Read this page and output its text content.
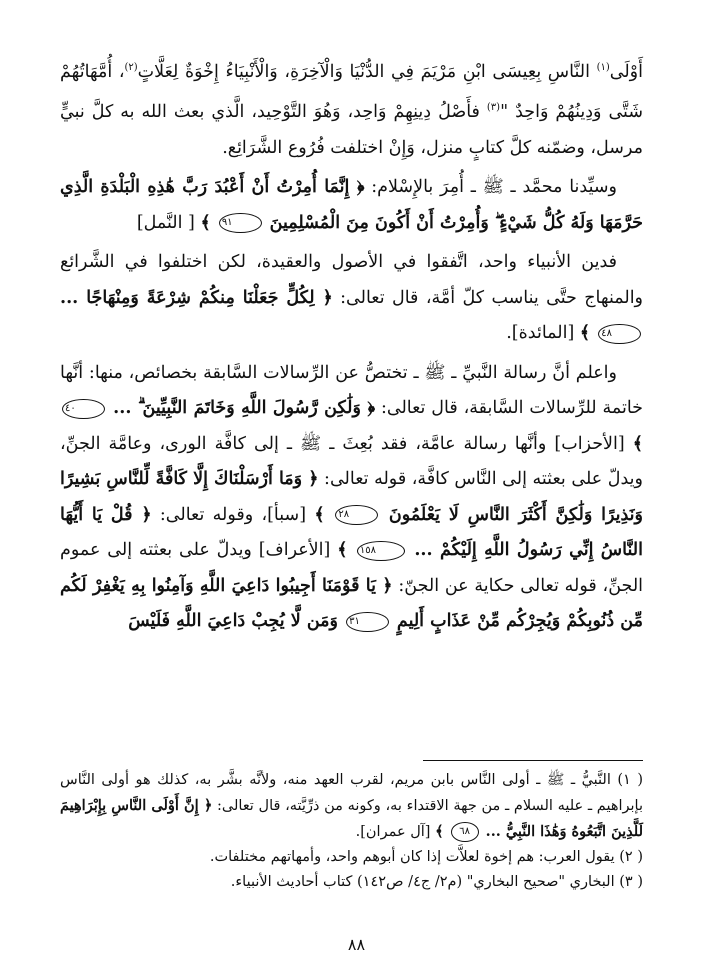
أَوْلَى$^{(١)}$ النَّاسِ بِعِيسَى ابْنِ مَرْيَمَ فِي الدُّنْيَا وَالْآخِرَةِ، وَالْأَنْبِيَاءُ إِخْوَةٌ لِعَلَّاتٍ$^{(٢)}$، أُمَّهَاتُهُمْ شَتَّى وَدِينُهُمْ وَاحِدٌ "$^{(٣)}$ فأَصْلُ دِينِهِمْ وَاحِد، وَهُوَ التَّوْحِيد، الَّذي بعث الله به كلَّ نبيٍّ مرسل، وضمّنه كلَّ كتابٍ منزل، وَإِنْ اختلفت فُرُوع الشَّرَائِع.

وسيِّدنا محمَّد ـ ﷺ ـ أُمِرَ بالإِسْلام: ﴿ إِنَّمَا أُمِرْتُ أَنْ أَعْبُدَ رَبَّ هَٰذِهِ الْبَلْدَةِ الَّذِي حَرَّمَهَا وَلَهُ كُلُّ شَيْءٍ ۖ وَأُمِرْتُ أَنْ أَكُونَ مِنَ الْمُسْلِمِينَ ٩١ ﴾ [ النَّمل]

فدين الأنبياء واحد، اتَّفقوا في الأصول والعقيدة، لكن اختلفوا في الشَّرائع والمنهاج حتَّى يناسب كلّ أمَّة، قال تعالى: ﴿ لِكُلٍّ جَعَلْنَا مِنكُمْ شِرْعَةً وَمِنْهَاجًا ... ٤٨ ﴾ [المائدة].

واعلم أنَّ رسالة النَّبيِّ ـ ﷺ ـ تختصُّ عن الرِّسالات السَّابقة بخصائص، منها: أنَّها خاتمة للرِّسالات السَّابقة، قال تعالى: ﴿ وَلَٰكِن رَّسُولَ اللَّهِ وَخَاتَمَ النَّبِيِّينَ ۗ ... ٤٠ ﴾ [الأحزاب] وأنَّها رسالة عامَّة، فقد بُعِثَ ـ ﷺ ـ إلى كافَّة الورى، وعامَّة الجنِّ، ويدلّ على بعثته إلى النَّاس كافَّة، قوله تعالى: ﴿ وَمَا أَرْسَلْنَاكَ إِلَّا كَافَّةً لِّلنَّاسِ بَشِيرًا وَنَذِيرًا وَلَٰكِنَّ أَكْثَرَ النَّاسِ لَا يَعْلَمُونَ ٢٨ ﴾ [سبأ]، وقوله تعالى: ﴿ قُلْ يَا أَيُّهَا النَّاسُ إِنِّي رَسُولُ اللَّهِ إِلَيْكُمْ ... ١٥٨ ﴾ [الأعراف] ويدلّ على بعثته إلى عموم الجنِّ، قوله تعالى حكاية عن الجنّ: ﴿ يَا قَوْمَنَا أَجِيبُوا دَاعِيَ اللَّهِ وَآمِنُوا بِهِ يَغْفِرْ لَكُم مِّن ذُنُوبِكُمْ وَيُجِرْكُم مِّنْ عَذَابٍ أَلِيمٍ ٣١ وَمَن لَّا يُجِبْ دَاعِيَ اللَّهِ فَلَيْسَ

( ١) النَّبيُّ ـ ﷺ ـ أولى النَّاس بابن مريم، لقرب العهد منه، ولأنَّه بشَّر به، كذلك هو أولى النَّاس بإبراهيم ـ عليه السلام ـ من جهة الاقتداء به، وكونه من ذرِّيَّته، قال تعالى: ﴿ إِنَّ أَوْلَى النَّاسِ بِإِبْرَاهِيمَ لَلَّذِينَ اتَّبَعُوهُ وَهَٰذَا النَّبِيُّ ... ٦٨ ﴾ [آل عمران].

( ٢) يقول العرب: هم إخوة لعلاَّت إذا كان أبوهم واحد، وأمهاتهم مختلفات.

( ٣) البخاري "صحيح البخاري" (م٢/ ج٤/ ص١٤٢) كتاب أحاديث الأنبياء.

٨٨
